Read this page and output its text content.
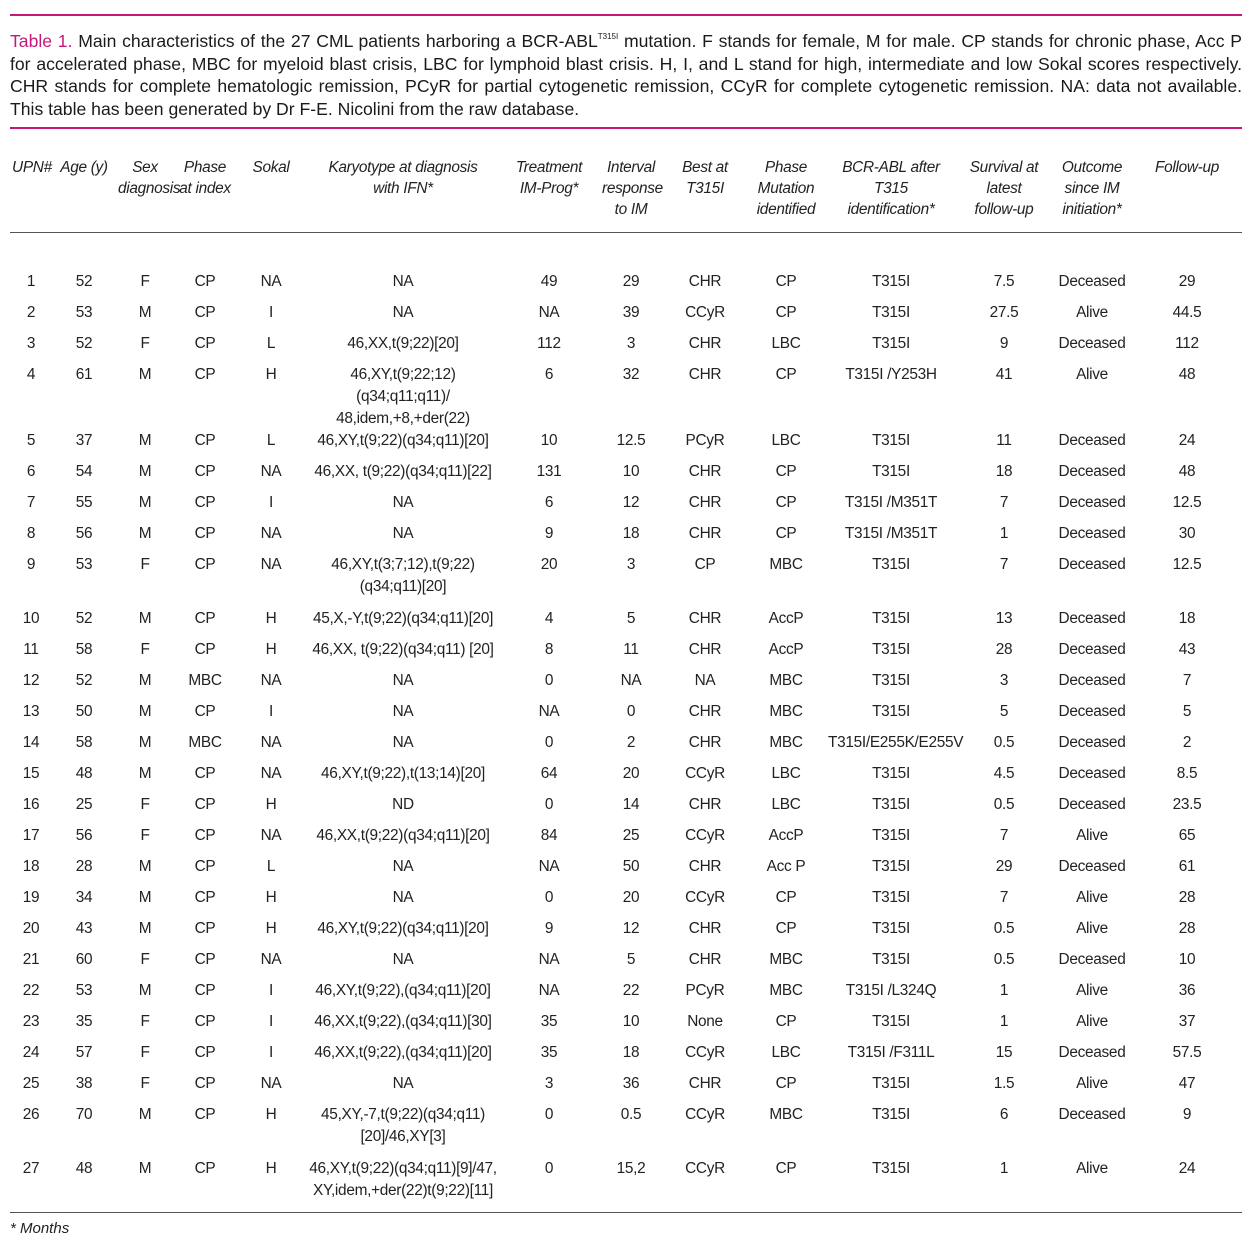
Table 1. Main characteristics of the 27 CML patients harboring a BCR-$ABL^{T315I}$ mutation. F stands for female, M for male. CP stands for chronic phase, Acc P for accelerated phase, MBC for myeloid blast crisis, LBC for lymphoid blast crisis. H, I, and L stand for high, intermediate and low Sokal scores respectively. CHR stands for complete hematologic remission, PCyR for partial cytogenetic remission, CCyR for complete cytogenetic remission. NA: data not available. This table has been generated by Dr F-E. Nicolini from the raw database.
UPN#	Age (y)	Sex diagnosis	Phase at index	Sokal	Karyotype at diagnosis with IFN*	Treatment IM-Prog*	Interval response to IM	Best at T315I	Phase Mutation identified	BCR-ABL after T315 identification*	Survival at latest follow-up	Outcome since IM initiation*	Follow-up

1	52	F	CP	NA	NA	49	29	CHR	CP	T315I	7.5	Deceased	29
2	53	M	CP	I	NA	NA	39	CCyR	CP	T315I	27.5	Alive	44.5
3	52	F	CP	L	46,XX,t(9;22)[20]	112	3	CHR	LBC	T315I	9	Deceased	112
4	61	M	CP	H	46,XY,t(9;22;12)(q34;q11;q11)/ 48,idem,+8,+der(22)	6	32	CHR	CP	T315I /Y253H	41	Alive	48
5	37	M	CP	L	46,XY,t(9;22)(q34;q11)[20]	10	12.5	PCyR	LBC	T315I	11	Deceased	24
6	54	M	CP	NA	46,XX, t(9;22)(q34;q11)[22]	131	10	CHR	CP	T315I	18	Deceased	48
7	55	M	CP	I	NA	6	12	CHR	CP	T315I /M351T	7	Deceased	12.5
8	56	M	CP	NA	NA	9	18	CHR	CP	T315I /M351T	1	Deceased	30
9	53	F	CP	NA	46,XY,t(3;7;12),t(9;22) (q34;q11)[20]	20	3	CP	MBC	T315I	7	Deceased	12.5
10	52	M	CP	H	45,X,-Y,t(9;22)(q34;q11)[20]	4	5	CHR	AccP	T315I	13	Deceased	18
11	58	F	CP	H	46,XX, t(9;22)(q34;q11) [20]	8	11	CHR	AccP	T315I	28	Deceased	43
12	52	M	MBC	NA	NA	0	NA	NA	MBC	T315I	3	Deceased	7
13	50	M	CP	I	NA	NA	0	CHR	MBC	T315I	5	Deceased	5
14	58	M	MBC	NA	NA	0	2	CHR	MBC	T315I/E255K/E255V	0.5	Deceased	2
15	48	M	CP	NA	46,XY,t(9;22),t(13;14)[20]	64	20	CCyR	LBC	T315I	4.5	Deceased	8.5
16	25	F	CP	H	ND	0	14	CHR	LBC	T315I	0.5	Deceased	23.5
17	56	F	CP	NA	46,XX,t(9;22)(q34;q11)[20]	84	25	CCyR	AccP	T315I	7	Alive	65
18	28	M	CP	L	NA	NA	50	CHR	Acc P	T315I	29	Deceased	61
19	34	M	CP	H	NA	0	20	CCyR	CP	T315I	7	Alive	28
20	43	M	CP	H	46,XY,t(9;22)(q34;q11)[20]	9	12	CHR	CP	T315I	0.5	Alive	28
21	60	F	CP	NA	NA	NA	5	CHR	MBC	T315I	0.5	Deceased	10
22	53	M	CP	I	46,XY,t(9;22),(q34;q11)[20]	NA	22	PCyR	MBC	T315I /L324Q	1	Alive	36
23	35	F	CP	I	46,XX,t(9;22),(q34;q11)[30]	35	10	None	CP	T315I	1	Alive	37
24	57	F	CP	I	46,XX,t(9;22),(q34;q11)[20]	35	18	CCyR	LBC	T315I /F311L	15	Deceased	57.5
25	38	F	CP	NA	NA	3	36	CHR	CP	T315I	1.5	Alive	47
26	70	M	CP	H	45,XY,-7,t(9;22)(q34;q11) [20]/46,XY[3]	0	0.5	CCyR	MBC	T315I	6	Deceased	9
27	48	M	CP	H	46,XY,t(9;22)(q34;q11)[9]/47, XY,idem,+der(22)t(9;22)[11]	0	15,2	CCyR	CP	T315I	1	Alive	24
* Months
